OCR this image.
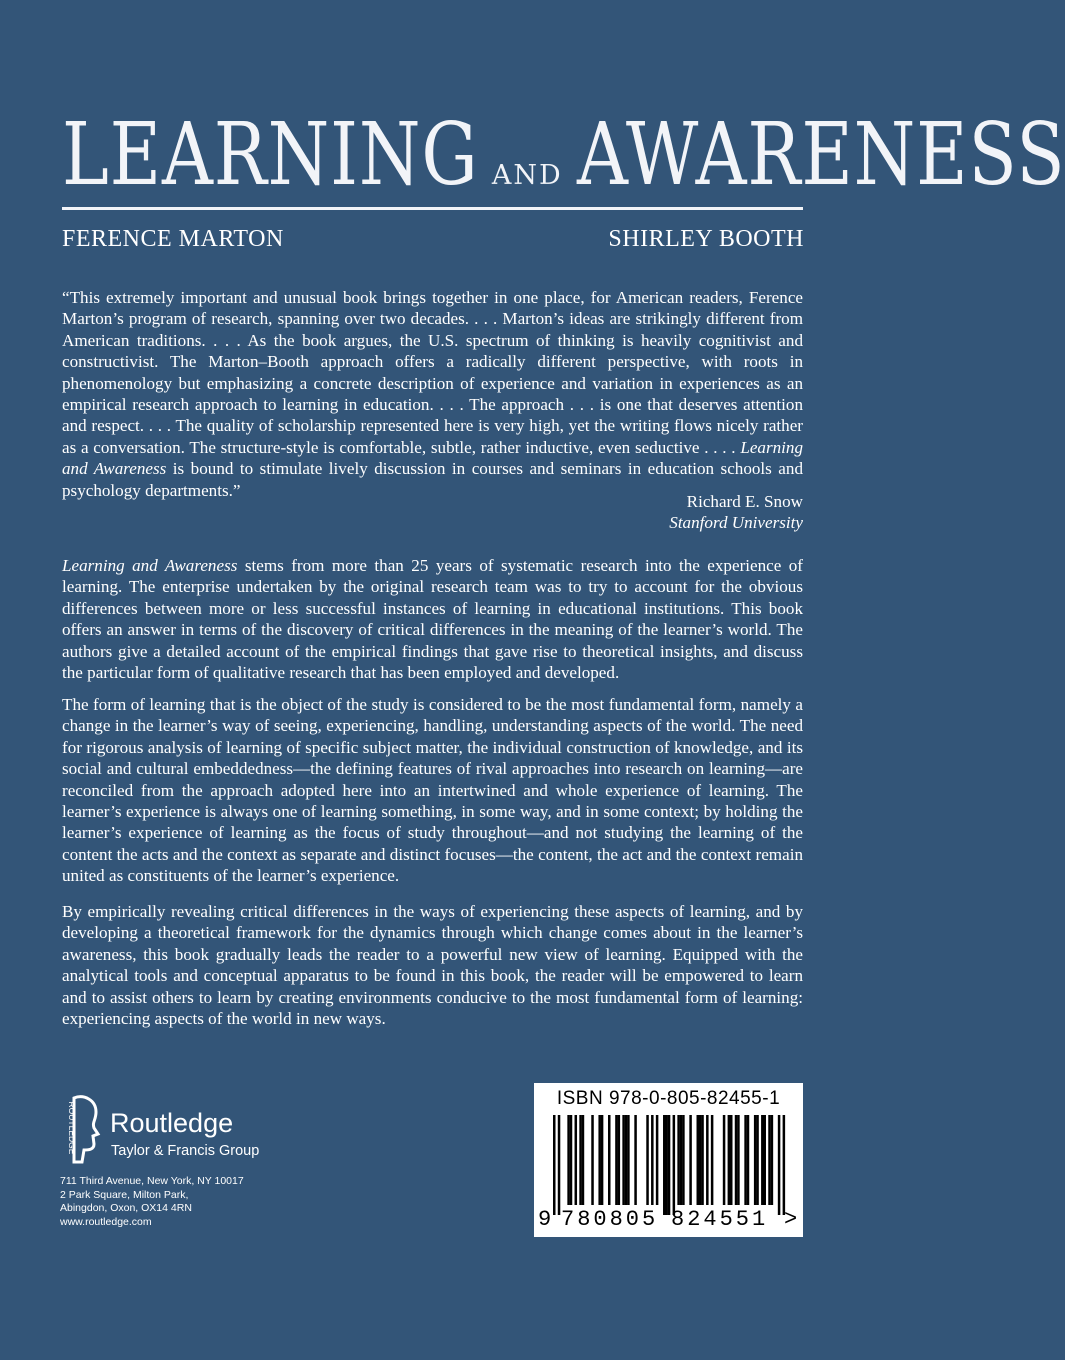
LEARNING AND AWARENESS
FERENCE MARTON	SHIRLEY BOOTH

“This extremely important and unusual book brings together in one place, for American readers, Ference Marton’s program of research, spanning over two decades. . . . Marton’s ideas are strikingly different from American traditions. . . . As the book argues, the U.S. spectrum of thinking is heavily cognitivist and constructivist. The Marton–Booth approach offers a radically different perspective, with roots in phenomenology but emphasizing a concrete description of experience and variation in experiences as an empirical research approach to learning in education. . . . The approach . . . is one that deserves attention and respect. . . . The quality of scholarship represented here is very high, yet the writing flows nicely rather as a conversation. The structure-style is comfortable, subtle, rather inductive, even seductive . . . . Learning and Awareness is bound to stimulate lively discussion in courses and seminars in education schools and psychology departments.”

Richard E. Snow
Stanford University

Learning and Awareness stems from more than 25 years of systematic research into the experience of learning. The enterprise undertaken by the original research team was to try to account for the obvious differences between more or less successful instances of learning in educational institutions. This book offers an answer in terms of the discovery of critical differences in the meaning of the learner’s world. The authors give a detailed account of the empirical findings that gave rise to theoretical insights, and discuss the particular form of qualitative research that has been employed and developed.

The form of learning that is the object of the study is considered to be the most fundamental form, namely a change in the learner’s way of seeing, experiencing, handling, understanding aspects of the world. The need for rigorous analysis of learning of specific subject matter, the individual construction of knowledge, and its social and cultural embeddedness—the defining features of rival approaches into research on learning—are reconciled from the approach adopted here into an intertwined and whole experience of learning. The learner’s experience is always one of learning something, in some way, and in some context; by holding the learner’s experience of learning as the focus of study throughout—and not studying the learning of the content the acts and the context as separate and distinct focuses—the content, the act and the context remain united as constituents of the learner’s experience.

By empirically revealing critical differences in the ways of experiencing these aspects of learning, and by developing a theoretical framework for the dynamics through which change comes about in the learner’s awareness, this book gradually leads the reader to a powerful new view of learning. Equipped with the analytical tools and conceptual apparatus to be found in this book, the reader will be empowered to learn and to assist others to learn by creating environments conducive to the most fundamental form of learning: experiencing aspects of the world in new ways.

ROUTLEDGE Routledge
Taylor & Francis Group
711 Third Avenue, New York, NY 10017
2 Park Square, Milton Park,
Abingdon, Oxon, OX14 4RN
www.routledge.com
ISBN 978-0-805-82455-1
9 780805 824551 >
